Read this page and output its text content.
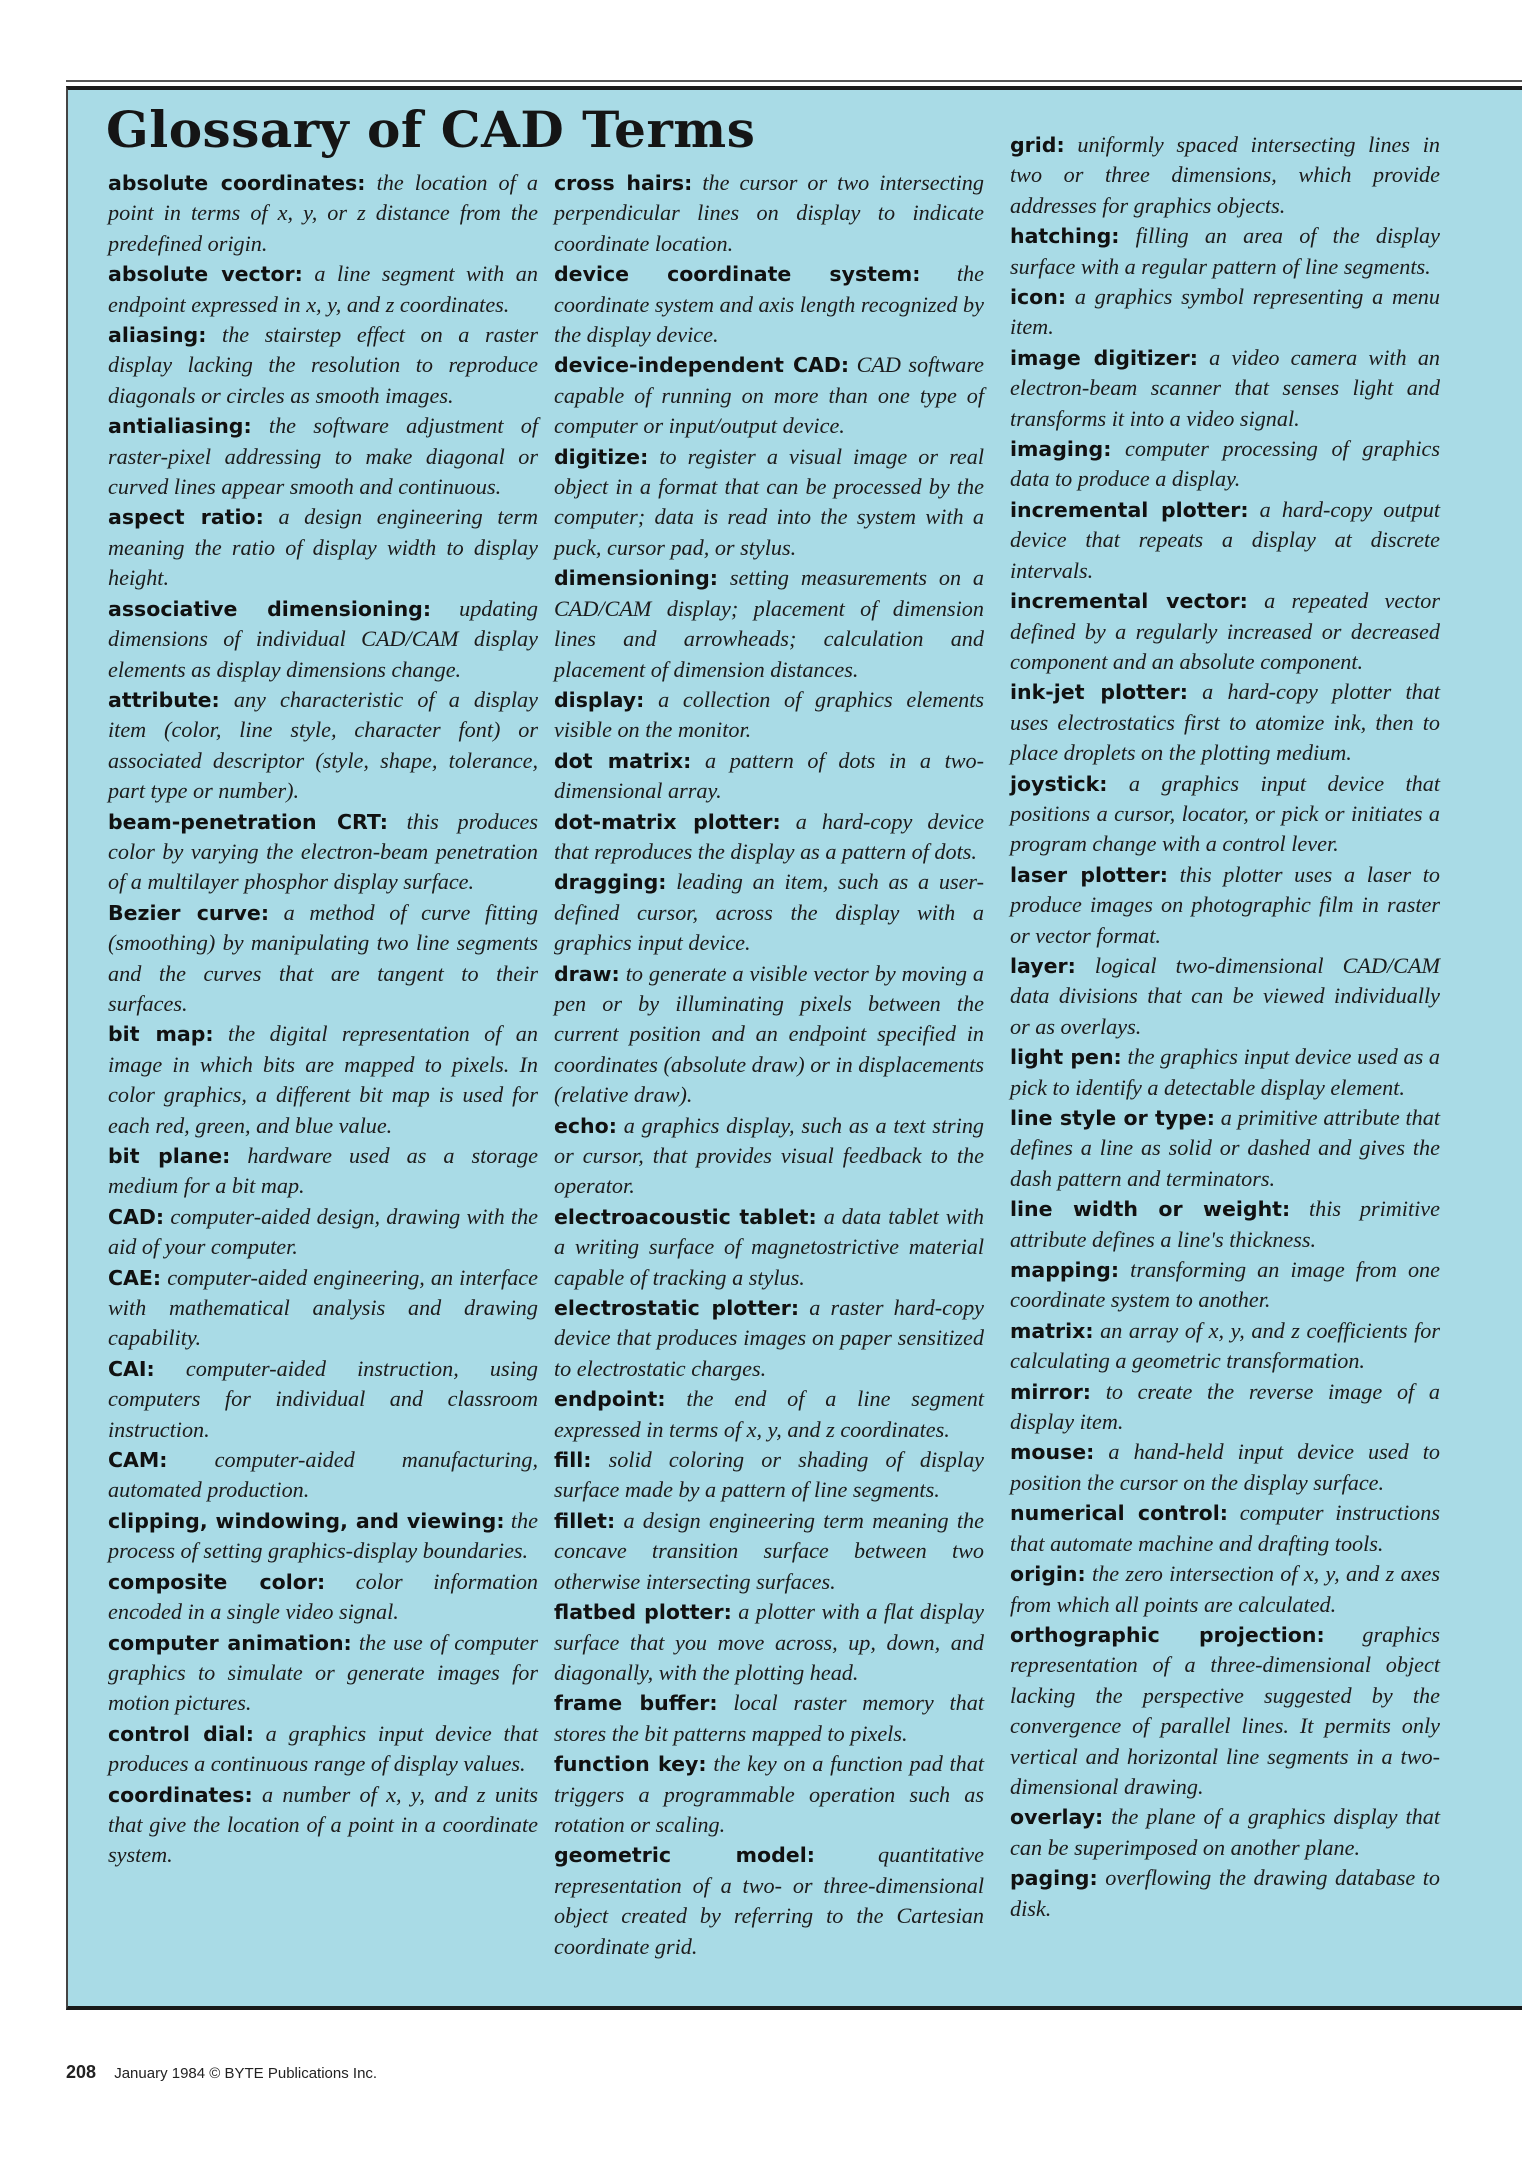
Glossary of CAD Terms

absolute coordinates: the location of a point in terms of x, y, or z distance from the predefined origin.

absolute vector: a line segment with an endpoint expressed in x, y, and z coordinates.

aliasing: the stairstep effect on a raster display lacking the resolution to reproduce diagonals or circles as smooth images.

antialiasing: the software adjustment of raster-pixel addressing to make diagonal or curved lines appear smooth and continuous.

aspect ratio: a design engineering term meaning the ratio of display width to display height.

associative dimensioning: updating dimensions of individual CAD/CAM display elements as display dimensions change.

attribute: any characteristic of a display item (color, line style, character font) or associated descriptor (style, shape, tolerance, part type or number).

beam-penetration CRT: this produces color by varying the electron-beam penetration of a multilayer phosphor display surface.

Bezier curve: a method of curve fitting (smoothing) by manipulating two line segments and the curves that are tangent to their surfaces.

bit map: the digital representation of an image in which bits are mapped to pixels. In color graphics, a different bit map is used for each red, green, and blue value.

bit plane: hardware used as a storage medium for a bit map.

CAD: computer-aided design, drawing with the aid of your computer.

CAE: computer-aided engineering, an interface with mathematical analysis and drawing capability.

CAI: computer-aided instruction, using computers for individual and classroom instruction.

CAM: computer-aided manufacturing, automated production.

clipping, windowing, and viewing: the process of setting graphics-display boundaries.

composite color: color information encoded in a single video signal.

computer animation: the use of computer graphics to simulate or generate images for motion pictures.

control dial: a graphics input device that produces a continuous range of display values.

coordinates: a number of x, y, and z units that give the location of a point in a coordinate system.

cross hairs: the cursor or two intersecting perpendicular lines on display to indicate coordinate location.

device coordinate system: the coordinate system and axis length recognized by the display device.

device-independent CAD: CAD software capable of running on more than one type of computer or input/output device.

digitize: to register a visual image or real object in a format that can be processed by the computer; data is read into the system with a puck, cursor pad, or stylus.

dimensioning: setting measurements on a CAD/CAM display; placement of dimension lines and arrowheads; calculation and placement of dimension distances.

display: a collection of graphics elements visible on the monitor.

dot matrix: a pattern of dots in a two-dimensional array.

dot-matrix plotter: a hard-copy device that reproduces the display as a pattern of dots.

dragging: leading an item, such as a user-defined cursor, across the display with a graphics input device.

draw: to generate a visible vector by moving a pen or by illuminating pixels between the current position and an endpoint specified in coordinates (absolute draw) or in displacements (relative draw).

echo: a graphics display, such as a text string or cursor, that provides visual feedback to the operator.

electroacoustic tablet: a data tablet with a writing surface of magnetostrictive material capable of tracking a stylus.

electrostatic plotter: a raster hard-copy device that produces images on paper sensitized to electrostatic charges.

endpoint: the end of a line segment expressed in terms of x, y, and z coordinates.

fill: solid coloring or shading of display surface made by a pattern of line segments.

fillet: a design engineering term meaning the concave transition surface between two otherwise intersecting surfaces.

flatbed plotter: a plotter with a flat display surface that you move across, up, down, and diagonally, with the plotting head.

frame buffer: local raster memory that stores the bit patterns mapped to pixels.

function key: the key on a function pad that triggers a programmable operation such as rotation or scaling.

geometric model:	quantitative representation of a two- or three-dimensional object created by referring to the Cartesian coordinate grid.

grid: uniformly spaced intersecting lines in two or three dimensions, which provide addresses for graphics objects.

hatching: filling an area of the display surface with a regular pattern of line segments.

icon: a graphics symbol representing a menu item.

image digitizer: a video camera with an electron-beam scanner that senses light and transforms it into a video signal.

imaging: computer processing of graphics data to produce a display.

incremental plotter: a hard-copy output device that repeats a display at discrete intervals.

incremental vector: a repeated vector defined by a regularly increased or decreased component and an absolute component.

ink-jet plotter: a hard-copy plotter that uses electrostatics first to atomize ink, then to place droplets on the plotting medium.

joystick: a graphics input device that positions a cursor, locator, or pick or initiates a program change with a control lever.

laser plotter: this plotter uses a laser to produce images on photographic film in raster or vector format.

layer: logical two-dimensional CAD/CAM data divisions that can be viewed individually or as overlays.

light pen: the graphics input device used as a pick to identify a detectable display element.

line style or type: a primitive attribute that defines a line as solid or dashed and gives the dash pattern and terminators.

line width or weight: this primitive attribute defines a line's thickness.

mapping: transforming an image from one coordinate system to another.

matrix: an array of x, y, and z coefficients for calculating a geometric transformation.

mirror: to create the reverse image of a display item.

mouse: a hand-held input device used to position the cursor on the display surface.

numerical control: computer instructions that automate machine and drafting tools.

origin: the zero intersection of x, y, and z axes from which all points are calculated.

orthographic projection: graphics representation of a three-dimensional object lacking the perspective suggested by the convergence of parallel lines. It permits only vertical and horizontal line segments in a two-dimensional drawing.

overlay: the plane of a graphics display that can be superimposed on another plane.

paging: overflowing the drawing database to disk.

208 January 1984 © BYTE Publications Inc.
